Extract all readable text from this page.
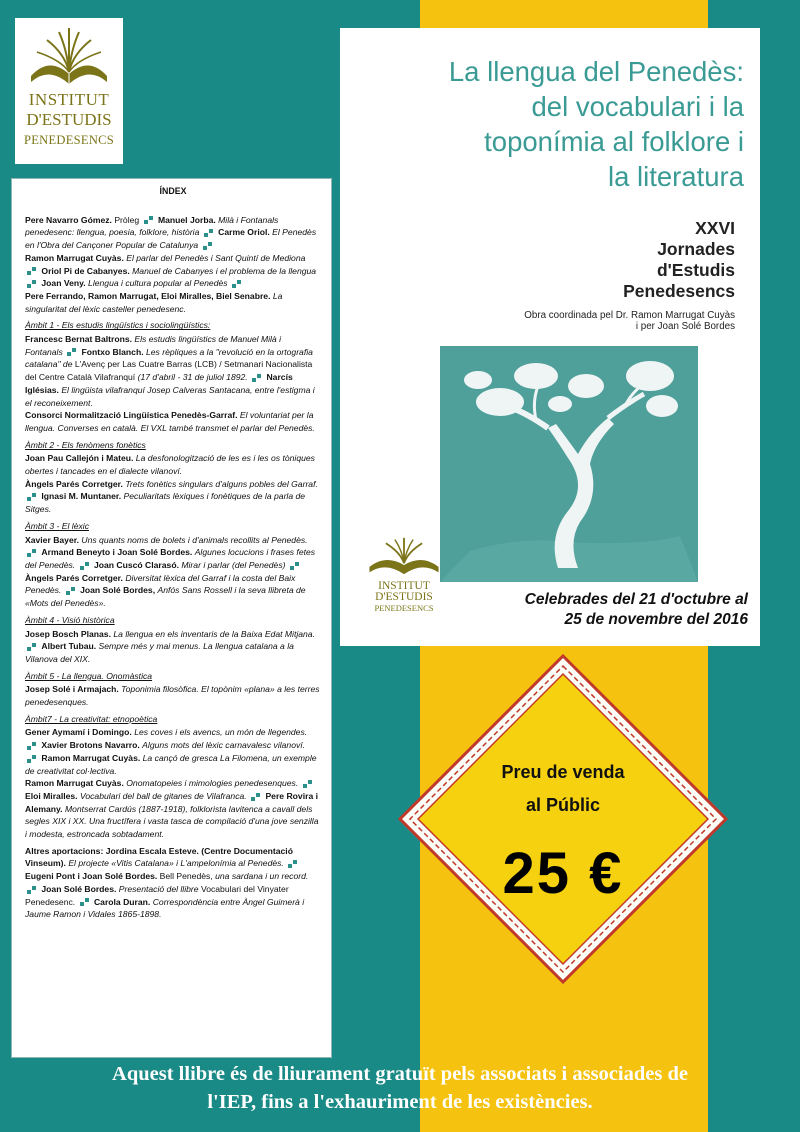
INSTITUT
D'ESTUDIS
PENEDESENCS
ÍNDEX

Pere Navarro Gómez. Pròleg Manuel Jorba. Milà i Fontanals penedesenc: llengua, poesia, folklore, història Carme Oriol. El Penedès en l'Obra del Cançoner Popular de Catalunya
Ramon Marrugat Cuyàs. El parlar del Penedès i Sant Quintí de Mediona  Oriol Pi de Cabanyes. Manuel de Cabanyes i el problema de la llengua  Joan Veny. Llengua i cultura popular al Penedès
Pere Ferrando, Ramon Marrugat, Eloi Miralles, Biel Senabre. La singularitat del lèxic casteller penedesenc.

Àmbit 1 - Els estudis lingüístics i sociolingüístics:

Francesc Bernat Baltrons. Els estudis lingüístics de Manuel Milà i Fontanals Fontxo Blanch. Les rèpliques a la "revolució en la ortografia catalana" de L'Avenç per Las Cuatre Barras (LCB) / Setmanari Nacionalista del Centre Català Vilafranquí (17 d'abril - 31 de juliol 1892. Narcís Iglésias. El lingüista vilafranquí Josep Calveras Santacana, entre l'estigma i el reconeixement.
Consorci Normalització Lingüística Penedès-Garraf. El voluntariat per la llengua. Converses en català. El VXL també transmet el parlar del Penedès.

Àmbit 2 - Els fenòmens fonètics

Joan Pau Callejón i Mateu. La desfonologització de les es i les os tòniques obertes i tancades en el dialecte vilanoví.
Àngels Parés Corretger. Trets fonètics singulars d'alguns pobles del Garraf.  Ignasi M. Muntaner. Peculiaritats lèxiques i fonètiques de la parla de Sitges.

Àmbit 3 - El lèxic

Xavier Bayer. Uns quants noms de bolets i d'animals recollits al Penedès.  Armand Beneyto i Joan Solé Bordes. Algunes locucions i frases fetes del Penedès. Joan Cuscó Clarasó. Mirar i parlar (del Penedès)  Àngels Parés Corretger. Diversitat lèxica del Garraf i la costa del Baix Penedès. Joan Solé Bordes, Anfós Sans Rossell i la seva llibreta de «Mots del Penedès».

Àmbit 4 - Visió històrica

Josep Bosch Planas. La llengua en els inventaris de la Baixa Edat Mitjana.  Albert Tubau. Sempre més y mai menus. La llengua catalana a la Vilanova del XIX.

Àmbit 5 - La llengua. Onomàstica

Josep Solé i Armajach. Toponimia filosòfica. El topònim «plana» a les terres penedesenques.

Àmbit7 - La creativitat: etnopoètica

Gener Aymamí i Domingo. Les coves i els avencs, un món de llegendes.  Xavier Brotons Navarro. Alguns mots del lèxic carnavalesc vilanoví.  Ramon Marrugat Cuyàs. La cançó de gresca La Filomena, un exemple de creativitat col·lectiva.
Ramon Marrugat Cuyàs. Onomatopeies i mimologies penedesenques.  Eloi Miralles. Vocabulari del ball de gitanes de Vilafranca. Pere Rovira i Alemany. Montserrat Cardús (1887-1918), folklorista lavitenca a cavall dels segles XIX i XX. Una fructífera i vasta tasca de compilació d'una jove senzilla i modesta, estroncada sobtadament.

Altres aportacions: Jordina Escala Esteve. (Centre Documentació Vinseum). El projecte «Vitis Catalana» i L'ampelonímia al Penedès.  Eugeni Pont i Joan Solé Bordes. Bell Penedès, una sardana i un record.  Joan Solé Bordes. Presentació del llibre Vocabulari del Vinyater Penedesenc. Carola Duran. Correspondència entre Àngel Guimerà i Jaume Ramon i Vidales 1865-1898.

La llengua del Penedès:
del vocabulari i la
toponímia al folklore i
la literatura
XXVI
Jornades
d'Estudis
Penedesencs
Obra coordinada pel Dr. Ramon Marrugat Cuyàs
i per Joan Solé Bordes
INSTITUT
D'ESTUDIS
PENEDESENCS	Celebrades del 21 d'octubre al
25 de novembre del 2016
Preu de venda
al Públic
25 €
Aquest llibre és de lliurament gratuït pels associats i associades de
l'IEP, fins a l'exhauriment de les existències.
